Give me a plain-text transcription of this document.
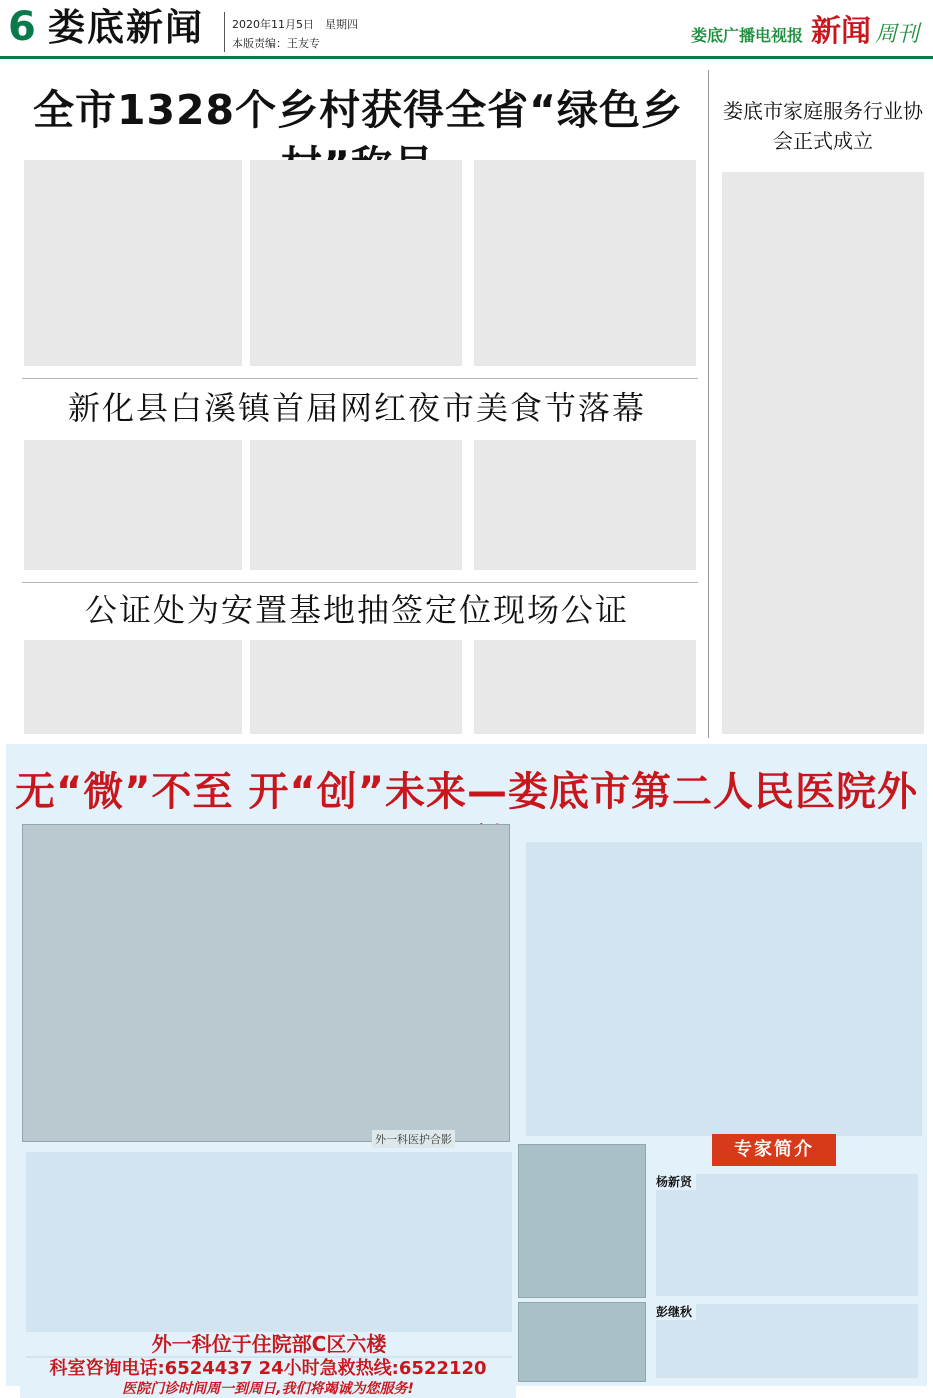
6 娄底新闻	2020年11月5日　星期四
本版责编：王友专	娄底广播电视报 新闻 周刊
全市1328个乡村获得全省“绿色乡
新化县白溪镇首届网红夜市美食节落幕
公证处为安置基地抽签定位现场公证
娄底市家庭服务行业协会正式成立
无“微”不至 开“创”未来—娄底市第二人民医院外
外一科医护合影	专家简介
杨新贤
彭继秋
外一科位于住院部C区六楼
科室咨询电话:6524437 24小时急救热线:6522120
医院门诊时间周一到周日,我们将竭诚为您服务!
